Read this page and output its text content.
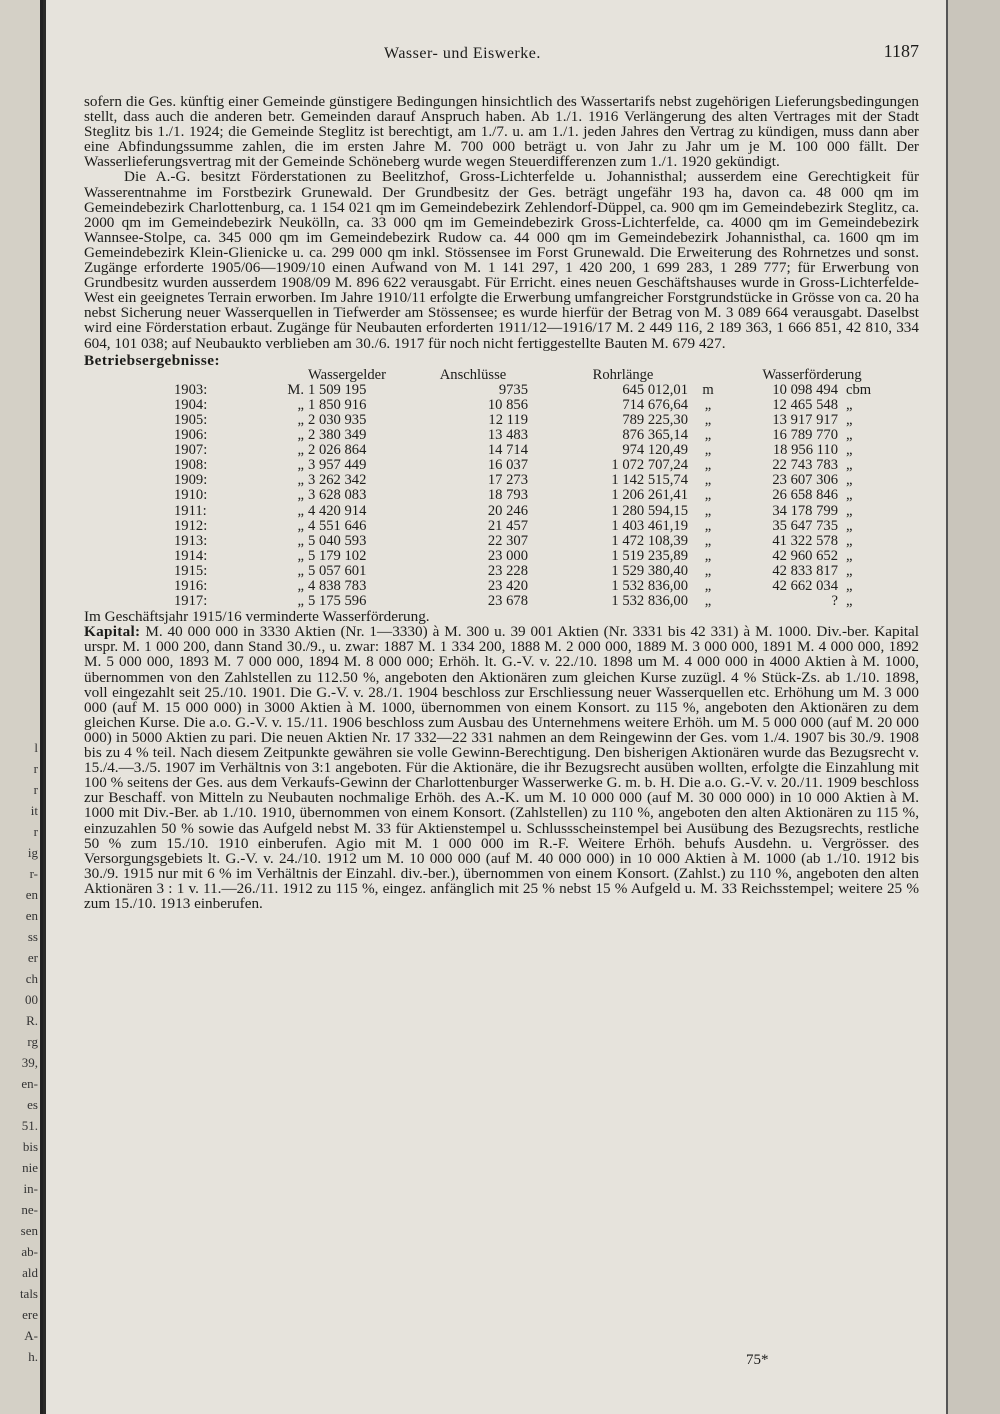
l
r
r
it
r
ig
r-
en
en
ss
er
ch
00
R.
rg
39,
en-
es
51.
bis
nie
in-
ne-
sen
ab-
ald
tals
ere
A-
h.
Wasser- und Eiswerke.	1187

sofern die Ges. künftig einer Gemeinde günstigere Bedingungen hinsichtlich des Wassertarifs nebst zugehörigen Lieferungsbedingungen stellt, dass auch die anderen betr. Gemeinden darauf Anspruch haben. Ab 1./1. 1916 Verlängerung des alten Vertrages mit der Stadt Steglitz bis 1./1. 1924; die Gemeinde Steglitz ist berechtigt, am 1./7. u. am 1./1. jeden Jahres den Vertrag zu kündigen, muss dann aber eine Abfindungssumme zahlen, die im ersten Jahre M. 700 000 beträgt u. von Jahr zu Jahr um je M. 100 000 fällt. Der Wasserlieferungsvertrag mit der Gemeinde Schöneberg wurde wegen Steuerdifferenzen zum 1./1. 1920 gekündigt.

Die A.-G. besitzt Förderstationen zu Beelitzhof, Gross-Lichterfelde u. Johannisthal; ausserdem eine Gerechtigkeit für Wasserentnahme im Forstbezirk Grunewald. Der Grundbesitz der Ges. beträgt ungefähr 193 ha, davon ca. 48 000 qm im Gemeindebezirk Charlottenburg, ca. 1 154 021 qm im Gemeindebezirk Zehlendorf-Düppel, ca. 900 qm im Gemeindebezirk Steglitz, ca. 2000 qm im Gemeindebezirk Neukölln, ca. 33 000 qm im Gemeindebezirk Gross-Lichterfelde, ca. 4000 qm im Gemeindebezirk Wannsee-Stolpe, ca. 345 000 qm im Gemeindebezirk Rudow ca. 44 000 qm im Gemeindebezirk Johannisthal, ca. 1600 qm im Gemeindebezirk Klein-Glienicke u. ca. 299 000 qm inkl. Stössensee im Forst Grunewald. Die Erweiterung des Rohrnetzes und sonst. Zugänge erforderte 1905/06—1909/10 einen Aufwand von M. 1 141 297, 1 420 200, 1 699 283, 1 289 777; für Erwerbung von Grundbesitz wurden ausserdem 1908/09 M. 896 622 verausgabt. Für Erricht. eines neuen Geschäftshauses wurde in Gross-Lichterfelde-West ein geeignetes Terrain erworben. Im Jahre 1910/11 erfolgte die Erwerbung umfangreicher Forstgrundstücke in Grösse von ca. 20 ha nebst Sicherung neuer Wasserquellen in Tiefwerder am Stössensee; es wurde hierfür der Betrag von M. 3 089 664 verausgabt. Daselbst wird eine Förderstation erbaut. Zugänge für Neubauten erforderten 1911/12—1916/17 M. 2 449 116, 2 189 363, 1 666 851, 42 810, 334 604, 101 038; auf Neubaukto verblieben am 30./6. 1917 für noch nicht fertiggestellte Bauten M. 679 427.

Betriebsergebnisse:
		Wassergelder	Anschlüsse	Rohrlänge		Wasserförderung	
1903:	M.	1 509 195	9735	645 012,01	m	10 098 494	cbm
1904:	„	1 850 916	10 856	714 676,64	„	12 465 548	„
1905:	„	2 030 935	12 119	789 225,30	„	13 917 917	„
1906:	„	2 380 349	13 483	876 365,14	„	16 789 770	„
1907:	„	2 026 864	14 714	974 120,49	„	18 956 110	„
1908:	„	3 957 449	16 037	1 072 707,24	„	22 743 783	„
1909:	„	3 262 342	17 273	1 142 515,74	„	23 607 306	„
1910:	„	3 628 083	18 793	1 206 261,41	„	26 658 846	„
1911:	„	4 420 914	20 246	1 280 594,15	„	34 178 799	„
1912:	„	4 551 646	21 457	1 403 461,19	„	35 647 735	„
1913:	„	5 040 593	22 307	1 472 108,39	„	41 322 578	„
1914:	„	5 179 102	23 000	1 519 235,89	„	42 960 652	„
1915:	„	5 057 601	23 228	1 529 380,40	„	42 833 817	„
1916:	„	4 838 783	23 420	1 532 836,00	„	42 662 034	„
1917:	„	5 175 596	23 678	1 532 836,00	„	?	„

Im Geschäftsjahr 1915/16 verminderte Wasserförderung.

Kapital: M. 40 000 000 in 3330 Aktien (Nr. 1—3330) à M. 300 u. 39 001 Aktien (Nr. 3331 bis 42 331) à M. 1000. Div.-ber. Kapital urspr. M. 1 000 200, dann Stand 30./9., u. zwar: 1887 M. 1 334 200, 1888 M. 2 000 000, 1889 M. 3 000 000, 1891 M. 4 000 000, 1892 M. 5 000 000, 1893 M. 7 000 000, 1894 M. 8 000 000; Erhöh. lt. G.-V. v. 22./10. 1898 um M. 4 000 000 in 4000 Aktien à M. 1000, übernommen von den Zahlstellen zu 112.50 %, angeboten den Aktionären zum gleichen Kurse zuzügl. 4 % Stück-Zs. ab 1./10. 1898, voll eingezahlt seit 25./10. 1901. Die G.-V. v. 28./1. 1904 beschloss zur Erschliessung neuer Wasserquellen etc. Erhöhung um M. 3 000 000 (auf M. 15 000 000) in 3000 Aktien à M. 1000, übernommen von einem Konsort. zu 115 %, angeboten den Aktionären zu dem gleichen Kurse. Die a.o. G.-V. v. 15./11. 1906 beschloss zum Ausbau des Unternehmens weitere Erhöh. um M. 5 000 000 (auf M. 20 000 000) in 5000 Aktien zu pari. Die neuen Aktien Nr. 17 332—22 331 nahmen an dem Reingewinn der Ges. vom 1./4. 1907 bis 30./9. 1908 bis zu 4 % teil. Nach diesem Zeitpunkte gewähren sie volle Gewinn-Berechtigung. Den bisherigen Aktionären wurde das Bezugsrecht v. 15./4.—3./5. 1907 im Verhältnis von 3:1 angeboten. Für die Aktionäre, die ihr Bezugsrecht ausüben wollten, erfolgte die Einzahlung mit 100 % seitens der Ges. aus dem Verkaufs-Gewinn der Charlottenburger Wasserwerke G. m. b. H. Die a.o. G.-V. v. 20./11. 1909 beschloss zur Beschaff. von Mitteln zu Neubauten nochmalige Erhöh. des A.-K. um M. 10 000 000 (auf M. 30 000 000) in 10 000 Aktien à M. 1000 mit Div.-Ber. ab 1./10. 1910, übernommen von einem Konsort. (Zahlstellen) zu 110 %, angeboten den alten Aktionären zu 115 %, einzuzahlen 50 % sowie das Aufgeld nebst M. 33 für Aktienstempel u. Schlussscheinstempel bei Ausübung des Bezugsrechts, restliche 50 % zum 15./10. 1910 einberufen. Agio mit M. 1 000 000 im R.-F. Weitere Erhöh. behufs Ausdehn. u. Vergrösser. des Versorgungsgebiets lt. G.-V. v. 24./10. 1912 um M. 10 000 000 (auf M. 40 000 000) in 10 000 Aktien à M. 1000 (ab 1./10. 1912 bis 30./9. 1915 nur mit 6 % im Verhältnis der Einzahl. div.-ber.), übernommen von einem Konsort. (Zahlst.) zu 110 %, angeboten den alten Aktionären 3 : 1 v. 11.—26./11. 1912 zu 115 %, eingez. anfänglich mit 25 % nebst 15 % Aufgeld u. M. 33 Reichsstempel; weitere 25 % zum 15./10. 1913 einberufen.

75*
